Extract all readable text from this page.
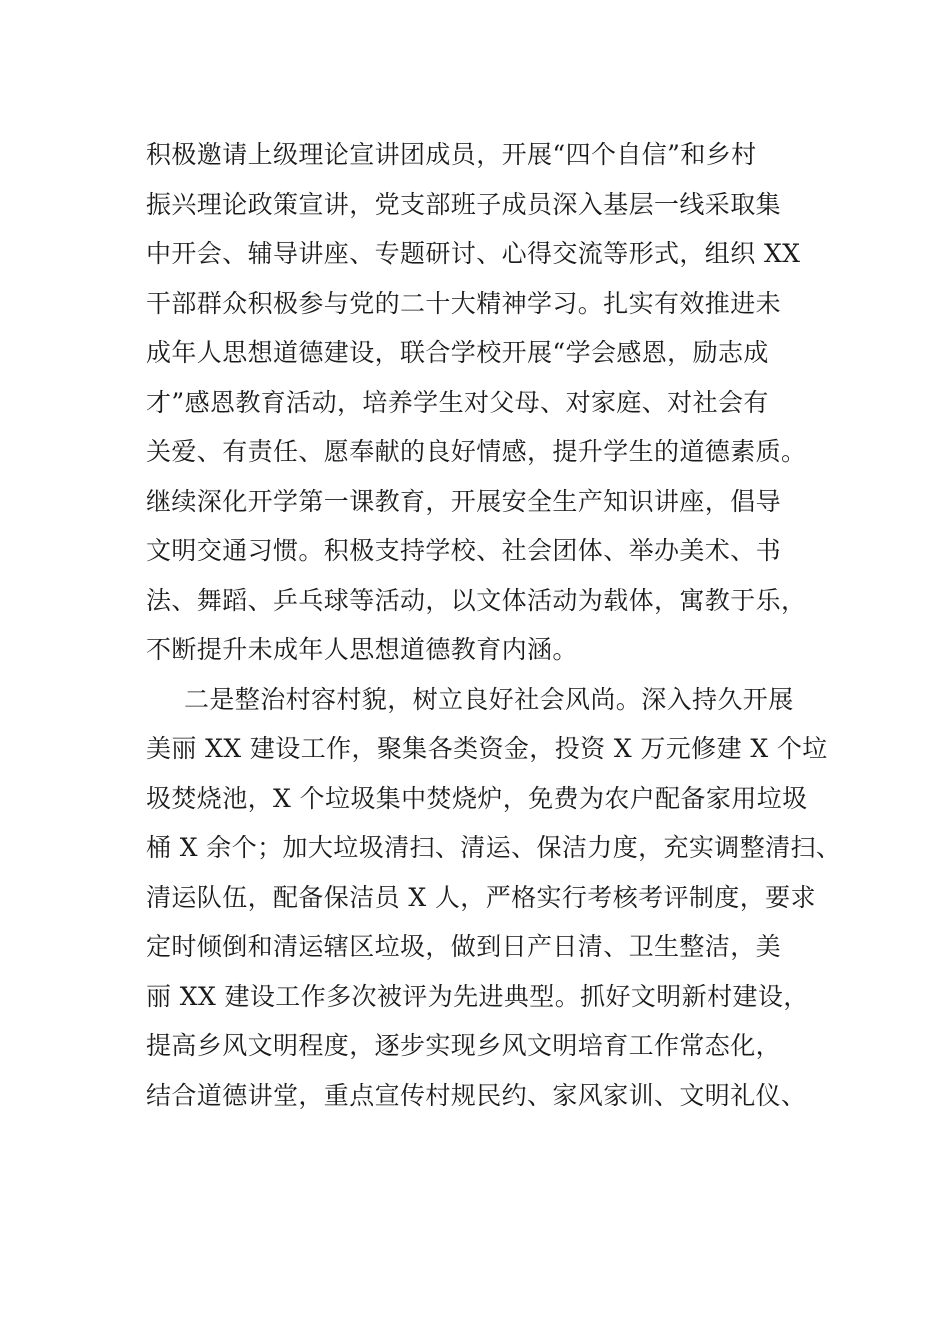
积极邀请上级理论宣讲团成员，开展“四个自信”和乡村
振兴理论政策宣讲，党支部班子成员深入基层一线采取集
中开会、辅导讲座、专题研讨、心得交流等形式，组织 XX
干部群众积极参与党的二十大精神学习。扎实有效推进未
成年人思想道德建设，联合学校开展“学会感恩，励志成
才”感恩教育活动，培养学生对父母、对家庭、对社会有
关爱、有责任、愿奉献的良好情感，提升学生的道德素质。
继续深化开学第一课教育，开展安全生产知识讲座，倡导
文明交通习惯。积极支持学校、社会团体、举办美术、书
法、舞蹈、乒乓球等活动，以文体活动为载体，寓教于乐，
不断提升未成年人思想道德教育内涵。
二是整治村容村貌，树立良好社会风尚。深入持久开展
美丽 XX 建设工作，聚集各类资金，投资 X 万元修建 X 个垃
圾焚烧池，X 个垃圾集中焚烧炉，免费为农户配备家用垃圾
桶 X 余个；加大垃圾清扫、清运、保洁力度，充实调整清扫、
清运队伍，配备保洁员 X 人，严格实行考核考评制度，要求
定时倾倒和清运辖区垃圾，做到日产日清、卫生整洁，美
丽 XX 建设工作多次被评为先进典型。抓好文明新村建设，
提高乡风文明程度，逐步实现乡风文明培育工作常态化，
结合道德讲堂，重点宣传村规民约、家风家训、文明礼仪、
